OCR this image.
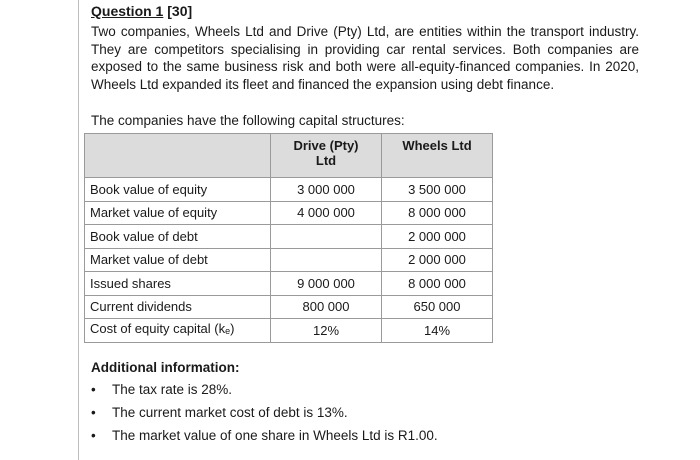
Question 1 [30]
Two companies, Wheels Ltd and Drive (Pty) Ltd, are entities within the transport industry. They are competitors specialising in providing car rental services. Both companies are exposed to the same business risk and both were all-equity-financed companies. In 2020, Wheels Ltd expanded its fleet and financed the expansion using debt finance.
The companies have the following capital structures:
	Drive (Pty) Ltd	Wheels Ltd
Book value of equity	3 000 000	3 500 000
Market value of equity	4 000 000	8 000 000
Book value of debt		2 000 000
Market value of debt		2 000 000
Issued shares	9 000 000	8 000 000
Current dividends	800 000	650 000
Cost of equity capital (ke)	12%	14%
Additional information:
• The tax rate is 28%.
• The current market cost of debt is 13%.
• The market value of one share in Wheels Ltd is R1.00.
